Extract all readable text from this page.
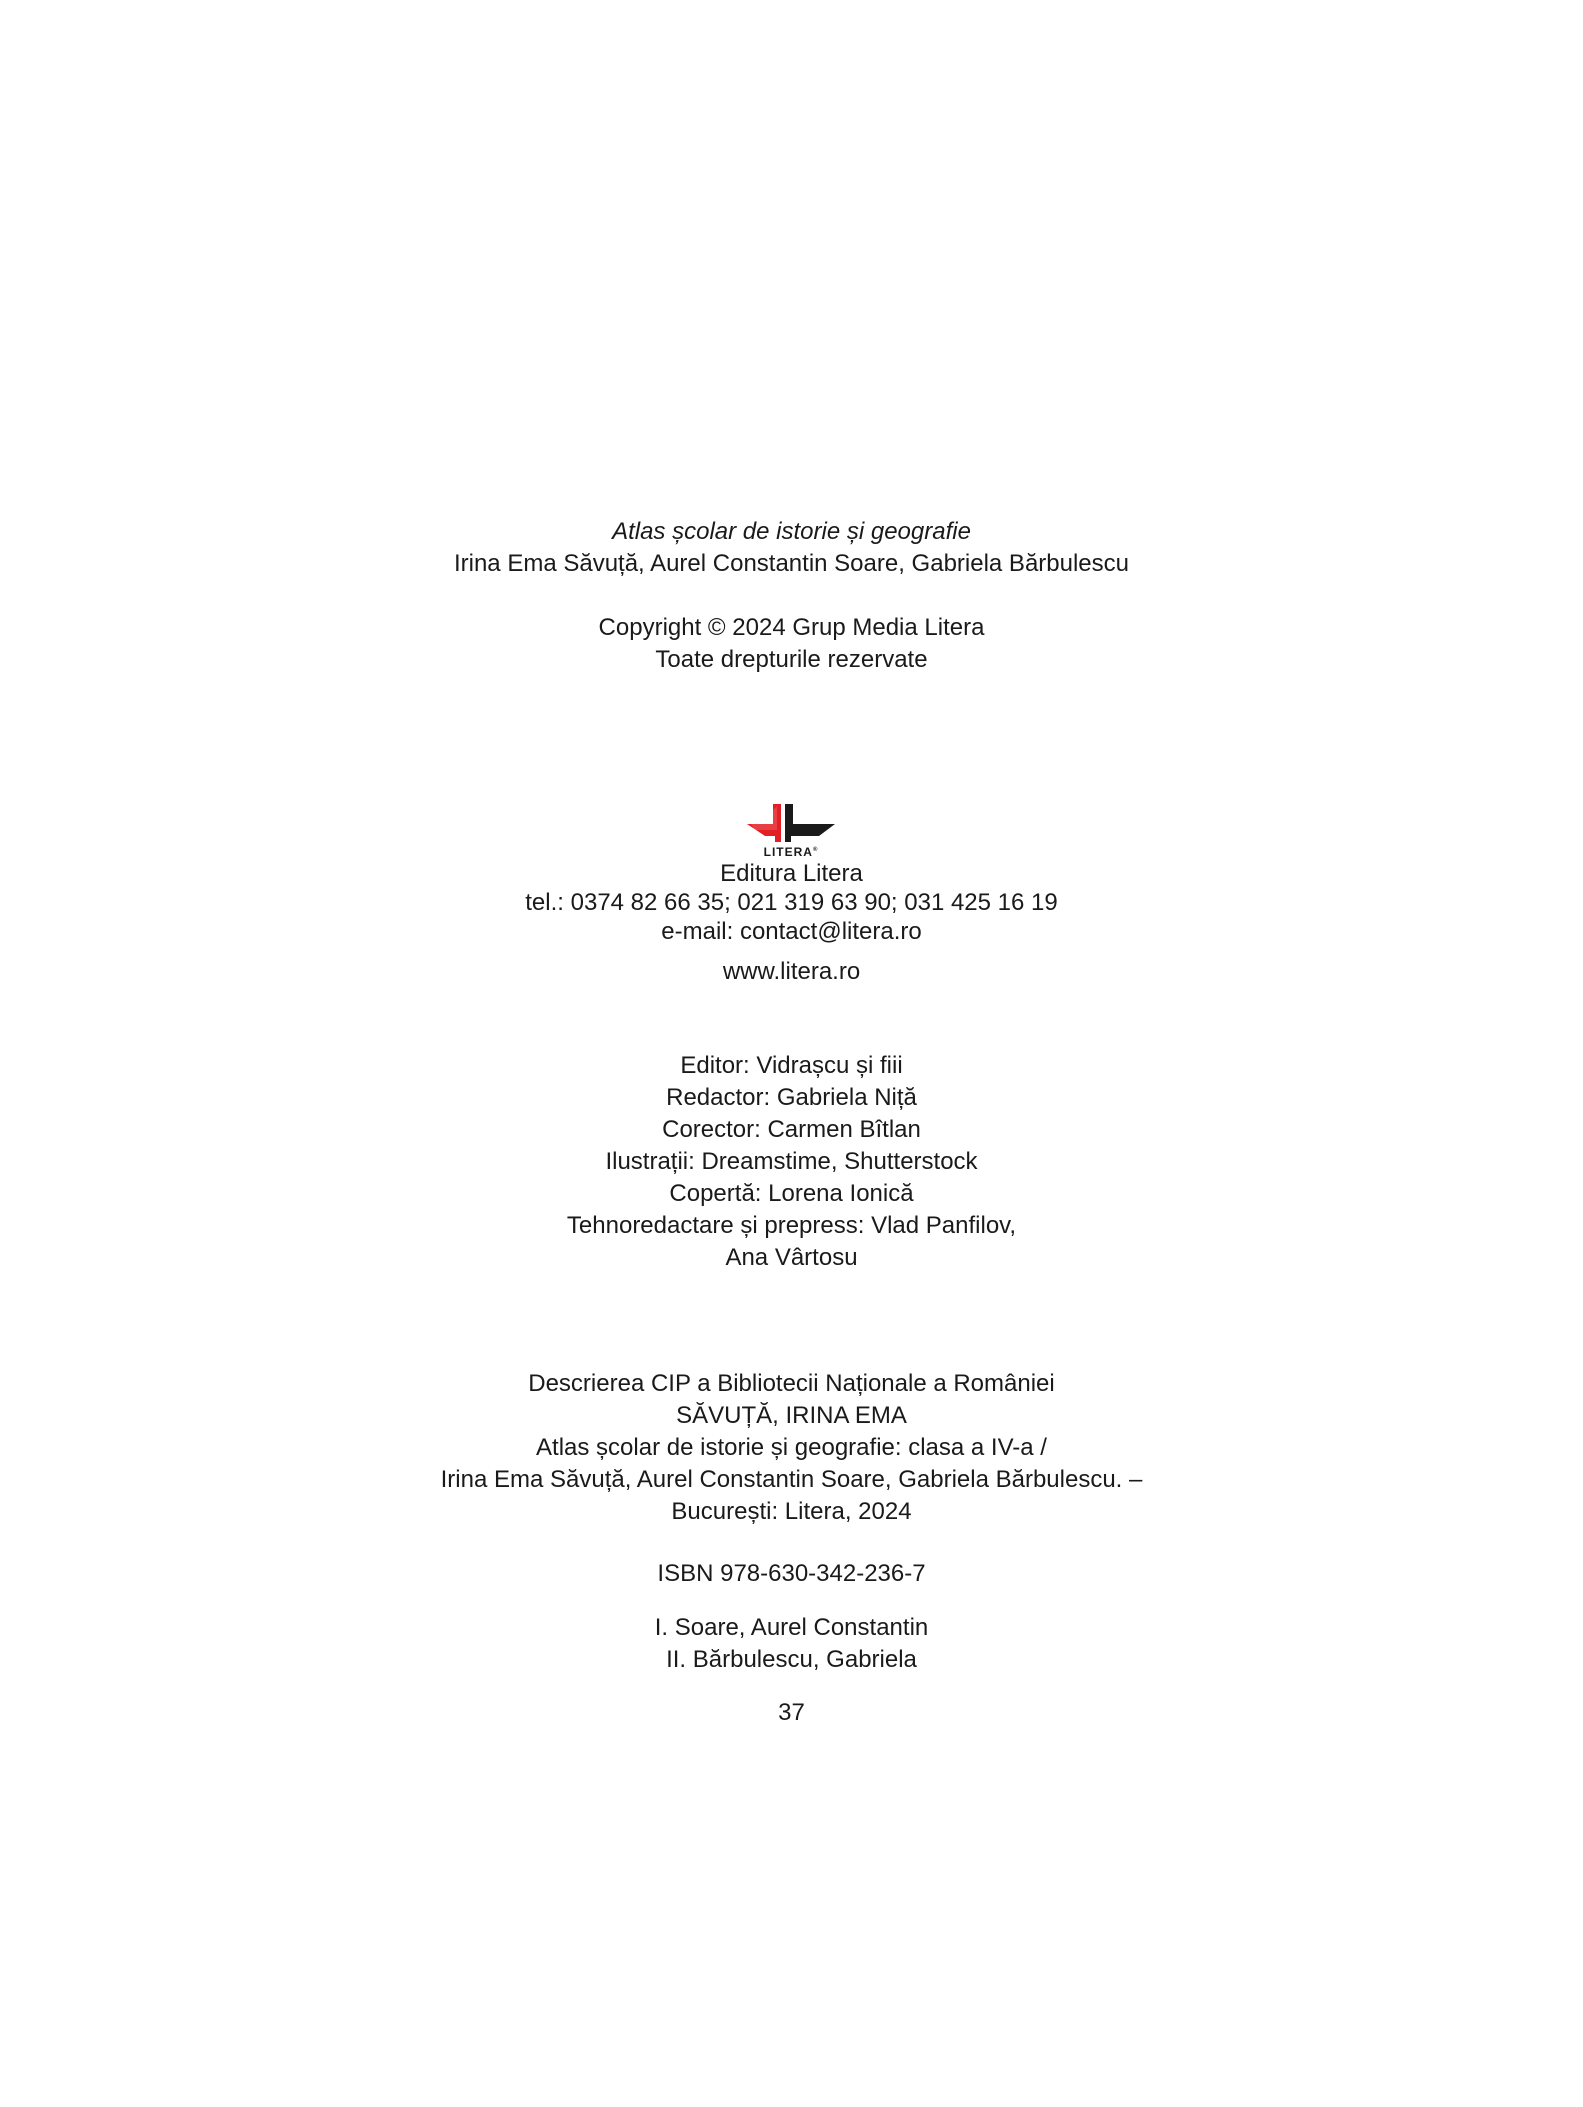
Atlas școlar de istorie și geografie
Irina Ema Săvuță, Aurel Constantin Soare, Gabriela Bărbulescu
Copyright © 2024 Grup Media Litera
Toate drepturile rezervate
LITERA®
Editura Litera
tel.: 0374 82 66 35; 021 319 63 90; 031 425 16 19
e-mail: contact@litera.ro
www.litera.ro
Editor: Vidrașcu și fiii
Redactor: Gabriela Niță
Corector: Carmen Bîtlan
Ilustrații: Dreamstime, Shutterstock
Copertă: Lorena Ionică
Tehnoredactare și prepress: Vlad Panfilov,
Ana Vârtosu
Descrierea CIP a Bibliotecii Naționale a României
SĂVUȚĂ, IRINA EMA
Atlas școlar de istorie și geografie: clasa a IV-a /
Irina Ema Săvuță, Aurel Constantin Soare, Gabriela Bărbulescu. –
București: Litera, 2024
ISBN 978-630-342-236-7
I. Soare, Aurel Constantin
II. Bărbulescu, Gabriela
37
